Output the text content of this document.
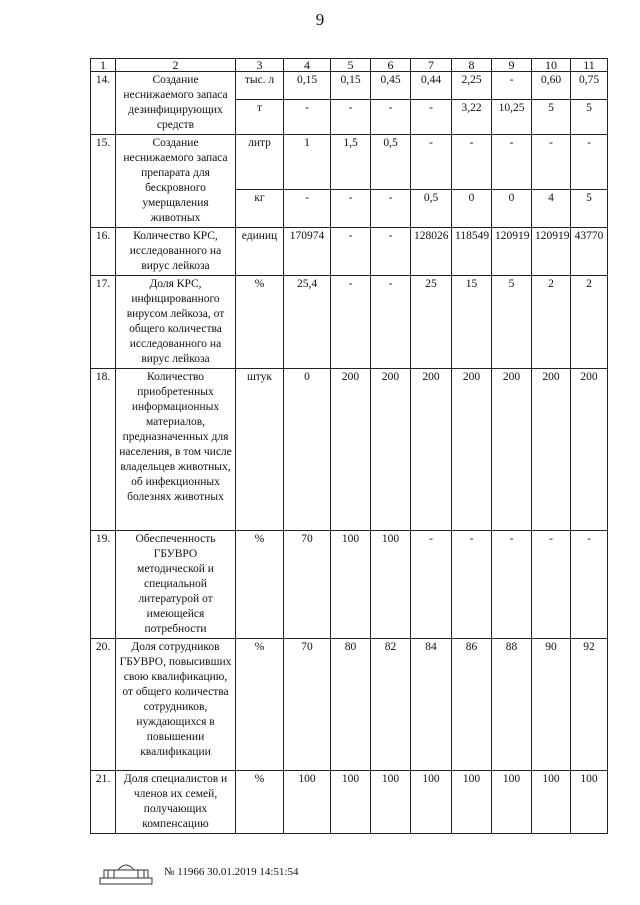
9
1	2	3	4	5	6	7	8	9	10	11
14.	Создание неснижаемого запаса дезинфицирующих средств	тыс. л	0,15	0,15	0,45	0,44	2,25	-	0,60	0,75
		т	-	-	-	-	3,22	10,25	5	5
15.	Создание неснижаемого запаса препарата для бескровного умерщвления животных	литр	1	1,5	0,5	-	-	-	-	-
		кг	-	-	-	0,5	0	0	4	5
16.	Количество КРС, исследованного на вирус лейкоза	единиц	170974	-	-	128026	118549	120919	120919	43770
17.	Доля КРС, инфицированного вирусом лейкоза, от общего количества исследованного на вирус лейкоза	%	25,4	-	-	25	15	5	2	2
18.	Количество приобретенных информационных материалов, предназначенных для населения, в том числе владельцев животных, об инфекционных болезнях животных	штук	0	200	200	200	200	200	200	200
19.	Обеспеченность ГБУВРО методической и специальной литературой от имеющейся потребности	%	70	100	100	-	-	-	-	-
20.	Доля сотрудников ГБУВРО, повысивших свою квалификацию, от общего количества сотрудников, нуждающихся в повышении квалификации	%	70	80	82	84	86	88	90	92
21.	Доля специалистов и членов их семей, получающих компенсацию	%	100	100	100	100	100	100	100	100
№ 11966 30.01.2019 14:51:54
